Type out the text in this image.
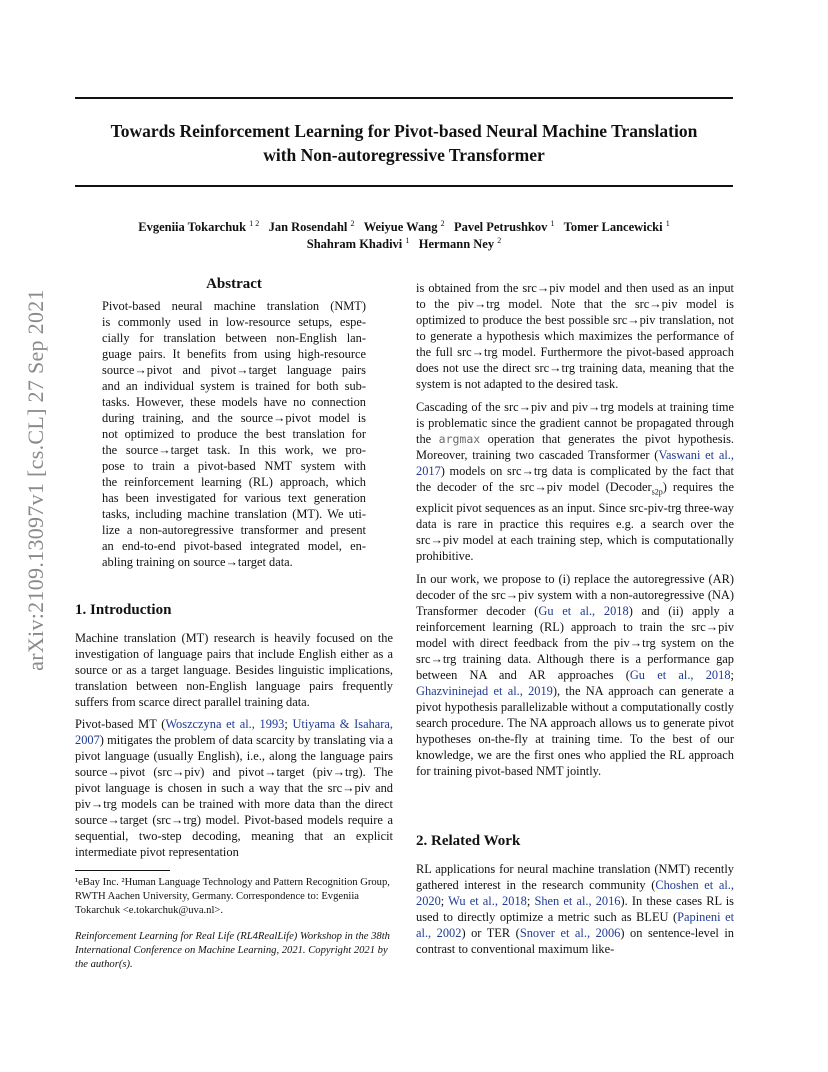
arXiv:2109.13097v1 [cs.CL] 27 Sep 2021
Towards Reinforcement Learning for Pivot-based Neural Machine Translation
with Non-autoregressive Transformer
Evgeniia Tokarchuk $^{1 2}$ Jan Rosendahl $^2$ Weiyue Wang $^2$ Pavel Petrushkov $^1$ Tomer Lancewicki $^1$
Shahram Khadivi $^1$ Hermann Ney $^2$
Abstract
Pivot-based neural machine translation (NMT)
is commonly used in low-resource setups, espe-
cially for translation between non-English lan-
guage pairs. It benefits from using high-resource
source→pivot and pivot→target language pairs
and an individual system is trained for both sub-
tasks. However, these models have no connection
during training, and the source→pivot model is
not optimized to produce the best translation for
the source→target task. In this work, we pro-
pose to train a pivot-based NMT system with
the reinforcement learning (RL) approach, which
has been investigated for various text generation
tasks, including machine translation (MT). We uti-
lize a non-autoregressive transformer and present
an end-to-end pivot-based integrated model, en-
abling training on source→target data.
1. Introduction

Machine translation (MT) research is heavily focused on the investigation of language pairs that include English either as a source or as a target language. Besides linguistic implications, translation between non-English language pairs frequently suffers from scarce direct parallel training data.

Pivot-based MT (Woszczyna et al., 1993; Utiyama & Isahara, 2007) mitigates the problem of data scarcity by translating via a pivot language (usually English), i.e., along the language pairs source→pivot (src→piv) and pivot→target (piv→trg). The pivot language is chosen in such a way that the src→piv and piv→trg models can be trained with more data than the direct source→target (src→trg) model. Pivot-based models require a sequential, two-step decoding, meaning that an explicit intermediate pivot representation

¹eBay Inc. ²Human Language Technology and Pattern Recognition Group, RWTH Aachen University, Germany. Correspondence to: Evgeniia Tokarchuk <e.tokarchuk@uva.nl>.
Reinforcement Learning for Real Life (RL4RealLife) Workshop in the 38th International Conference on Machine Learning, 2021. Copyright 2021 by the author(s).

is obtained from the src→piv model and then used as an input to the piv→trg model. Note that the src→piv model is optimized to produce the best possible src→piv translation, not to generate a hypothesis which maximizes the performance of the full src→trg model. Furthermore the pivot-based approach does not use the direct src→trg training data, meaning that the system is not adapted to the desired task.

Cascading of the src→piv and piv→trg models at training time is problematic since the gradient cannot be propagated through the argmax operation that generates the pivot hypothesis. Moreover, training two cascaded Transformer (Vaswani et al., 2017) models on src→trg data is complicated by the fact that the decoder of the src→piv model (Decoder$_{s2p}$) requires the explicit pivot sequences as an input. Since src-piv-trg three-way data is rare in practice this requires e.g. a search over the src→piv model at each training step, which is computationally prohibitive.

In our work, we propose to (i) replace the autoregressive (AR) decoder of the src→piv system with a non-autoregressive (NA) Transformer decoder (Gu et al., 2018) and (ii) apply a reinforcement learning (RL) approach to train the src→piv model with direct feedback from the piv→trg system on the src→trg training data. Although there is a performance gap between NA and AR approaches (Gu et al., 2018; Ghazvininejad et al., 2019), the NA approach can generate a pivot hypothesis parallelizable without a computationally costly search procedure. The NA approach allows us to generate pivot hypotheses on-the-fly at training time. To the best of our knowledge, we are the first ones who applied the RL approach for training pivot-based NMT jointly.

2. Related Work

RL applications for neural machine translation (NMT) recently gathered interest in the research community (Choshen et al., 2020; Wu et al., 2018; Shen et al., 2016). In these cases RL is used to directly optimize a metric such as BLEU (Papineni et al., 2002) or TER (Snover et al., 2006) on sentence-level in contrast to conventional maximum like-
